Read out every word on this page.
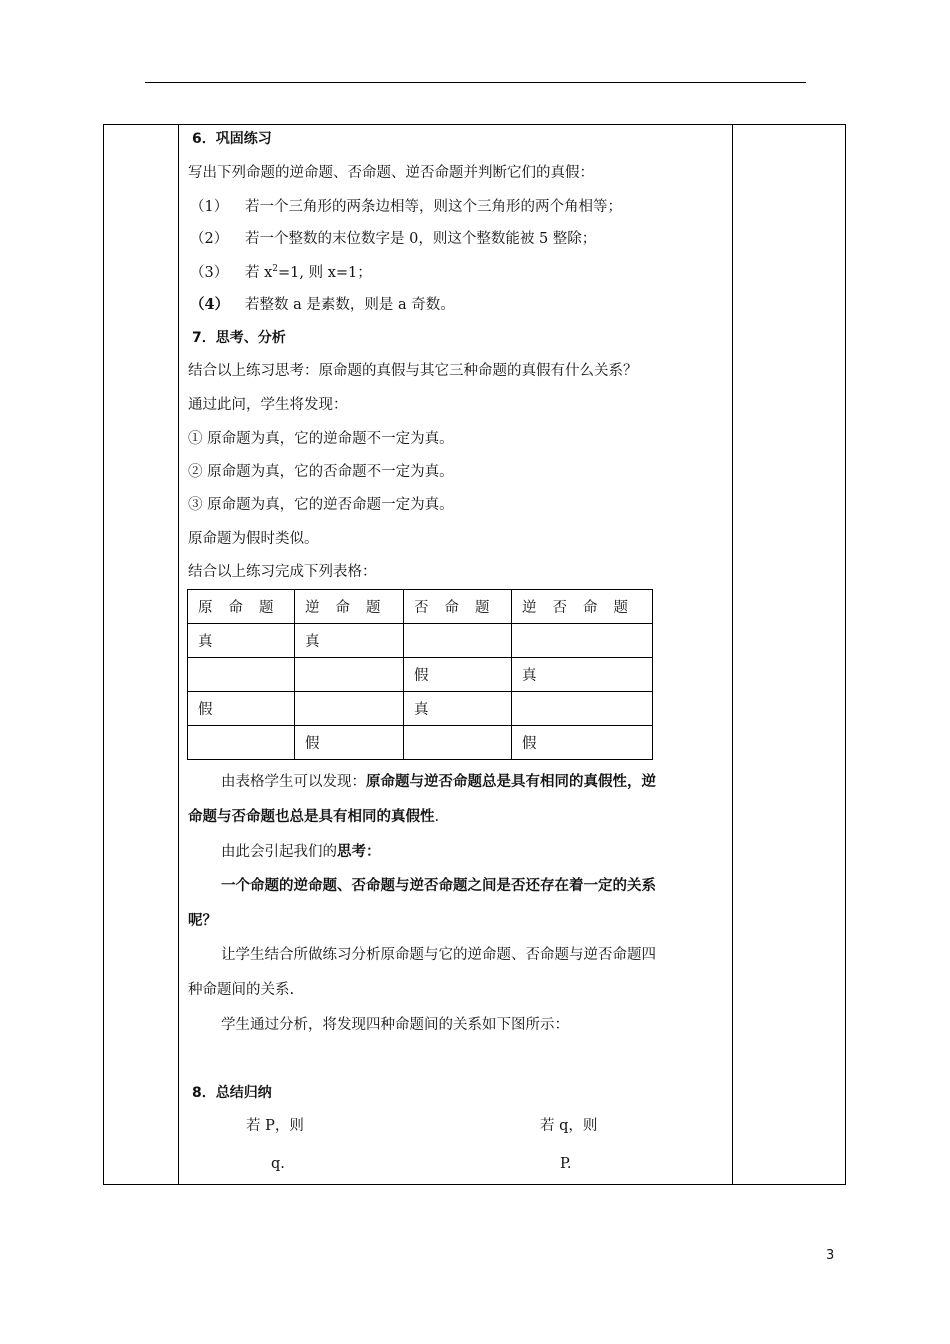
6．巩固练习
写出下列命题的逆命题、否命题、逆否命题并判断它们的真假：
（1） 若一个三角形的两条边相等，则这个三角形的两个角相等；
（2） 若一个整数的末位数字是 0，则这个整数能被 5 整除；
（3） 若 $x^2=1$, 则 x=1；
（4） 若整数 a 是素数，则是 a 奇数。
7．思考、分析
结合以上练习思考：原命题的真假与其它三种命题的真假有什么关系？
通过此问，学生将发现：
① 原命题为真，它的逆命题不一定为真。
② 原命题为真，它的否命题不一定为真。
③ 原命题为真，它的逆否命题一定为真。
原命题为假时类似。
结合以上练习完成下列表格：
原命题	逆命题	否命题	逆否命题
真	真		
		假	真
假		真	
	假		假
由表格学生可以发现：原命题与逆否命题总是具有相同的真假性，逆
命题与否命题也总是具有相同的真假性.
由此会引起我们的思考：
一个命题的逆命题、否命题与逆否命题之间是否还存在着一定的关系
呢？
让学生结合所做练习分析原命题与它的逆命题、否命题与逆否命题四
种命题间的关系.
学生通过分析，将发现四种命题间的关系如下图所示：
8．总结归纳
若 P，则
q.
若 q，则
P.
3
